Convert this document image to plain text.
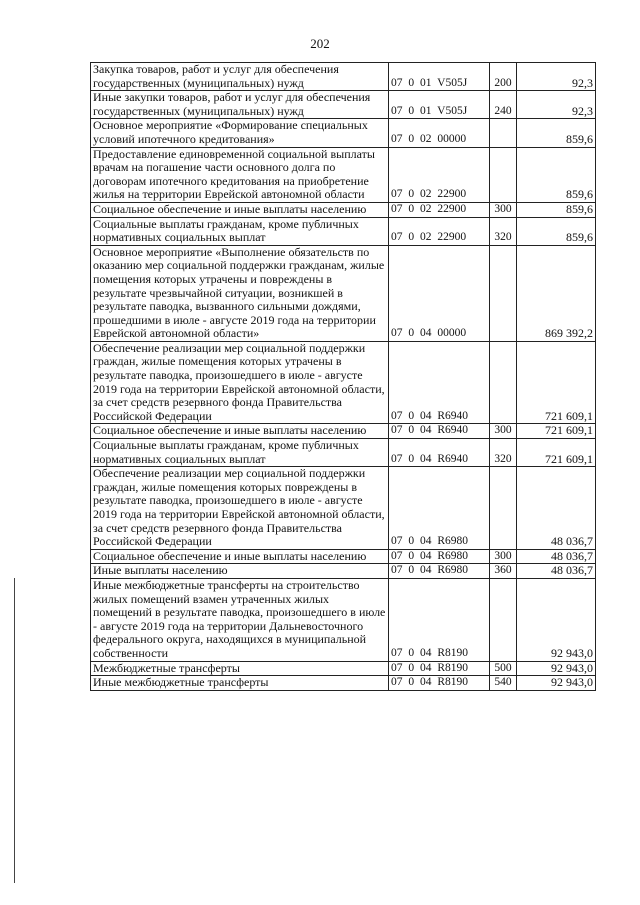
202
Закупка товаров, работ и услуг для обеспечения государственных (муниципальных) нужд	07 0 01 V505J	200	92,3
Иные закупки товаров, работ и услуг для обеспечения государственных (муниципальных) нужд	07 0 01 V505J	240	92,3
Основное мероприятие «Формирование специальных условий ипотечного кредитования»	07 0 02 00000		859,6
Предоставление единовременной социальной выплаты врачам на погашение части основного долга по договорам ипотечного кредитования на приобретение жилья на территории Еврейской автономной области	07 0 02 22900		859,6
Социальное обеспечение и иные выплаты населению	07 0 02 22900	300	859,6
Социальные выплаты гражданам, кроме публичных нормативных социальных выплат	07 0 02 22900	320	859,6
Основное мероприятие «Выполнение обязательств по оказанию мер социальной поддержки гражданам, жилые помещения которых утрачены и повреждены в результате чрезвычайной ситуации, возникшей в результате паводка, вызванного сильными дождями, прошедшими в июле - августе 2019 года на территории Еврейской автономной области»	07 0 04 00000		869 392,2
Обеспечение реализации мер социальной поддержки граждан, жилые помещения которых утрачены в результате паводка, произошедшего в июле - августе 2019 года на территории Еврейской автономной области, за счет средств резервного фонда Правительства Российской Федерации	07 0 04 R6940		721 609,1
Социальное обеспечение и иные выплаты населению	07 0 04 R6940	300	721 609,1
Социальные выплаты гражданам, кроме публичных нормативных социальных выплат	07 0 04 R6940	320	721 609,1
Обеспечение реализации мер социальной поддержки граждан, жилые помещения которых повреждены в результате паводка, произошедшего в июле - августе 2019 года на территории Еврейской автономной области, за счет средств резервного фонда Правительства Российской Федерации	07 0 04 R6980		48 036,7
Социальное обеспечение и иные выплаты населению	07 0 04 R6980	300	48 036,7
Иные выплаты населению	07 0 04 R6980	360	48 036,7
Иные межбюджетные трансферты на строительство жилых помещений взамен утраченных жилых помещений в результате паводка, произошедшего в июле - августе 2019 года на территории Дальневосточного федерального округа, находящихся в муниципальной собственности	07 0 04 R8190		92 943,0
Межбюджетные трансферты	07 0 04 R8190	500	92 943,0
Иные межбюджетные трансферты	07 0 04 R8190	540	92 943,0
